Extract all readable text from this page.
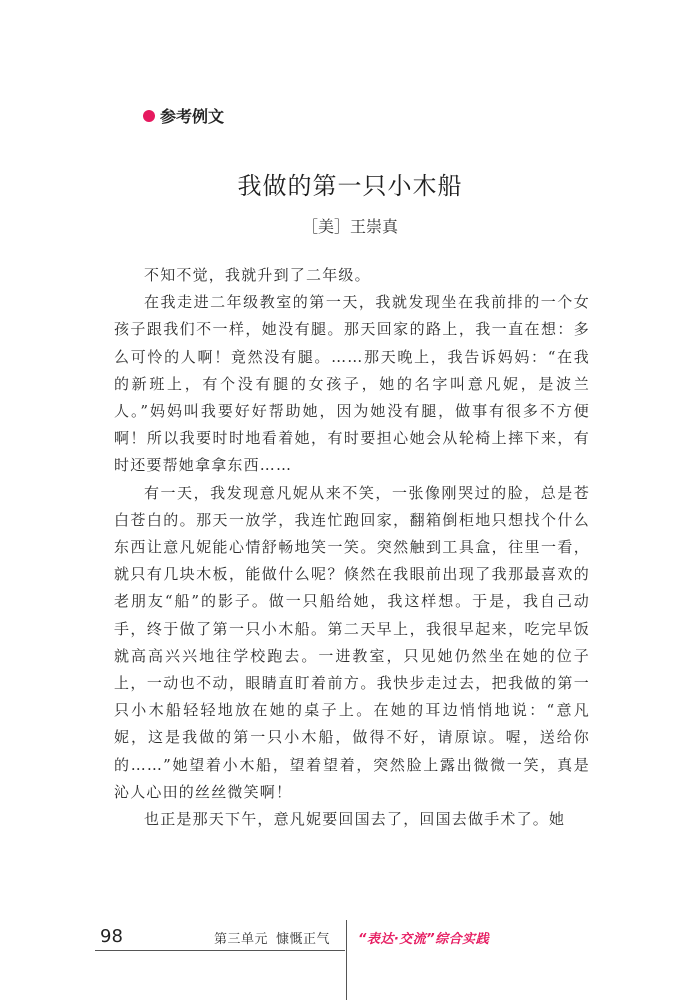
参考例文
我做的第一只小木船
［美］王崇真

不知不觉，我就升到了二年级。

在我走进二年级教室的第一天，我就发现坐在我前排的一个女孩子跟我们不一样，她没有腿。那天回家的路上，我一直在想：多么可怜的人啊！竟然没有腿。……那天晚上，我告诉妈妈：“在我的新班上，有个没有腿的女孩子，她的名字叫意凡妮，是波兰人。”妈妈叫我要好好帮助她，因为她没有腿，做事有很多不方便啊！所以我要时时地看着她，有时要担心她会从轮椅上摔下来，有时还要帮她拿拿东西……

有一天，我发现意凡妮从来不笑，一张像刚哭过的脸，总是苍白苍白的。那天一放学，我连忙跑回家，翻箱倒柜地只想找个什么东西让意凡妮能心情舒畅地笑一笑。突然触到工具盒，往里一看，就只有几块木板，能做什么呢？倏然在我眼前出现了我那最喜欢的老朋友“船”的影子。做一只船给她，我这样想。于是，我自己动手，终于做了第一只小木船。第二天早上，我很早起来，吃完早饭就高高兴兴地往学校跑去。一进教室，只见她仍然坐在她的位子上，一动也不动，眼睛直盯着前方。我快步走过去，把我做的第一只小木船轻轻地放在她的桌子上。在她的耳边悄悄地说：“意凡妮，这是我做的第一只小木船，做得不好，请原谅。喔，送给你的……”她望着小木船，望着望着，突然脸上露出微微一笑，真是沁人心田的丝丝微笑啊！

也正是那天下午，意凡妮要回国去了，回国去做手术了。她

98	第三单元 慷慨正气	“表达·交流”综合实践
